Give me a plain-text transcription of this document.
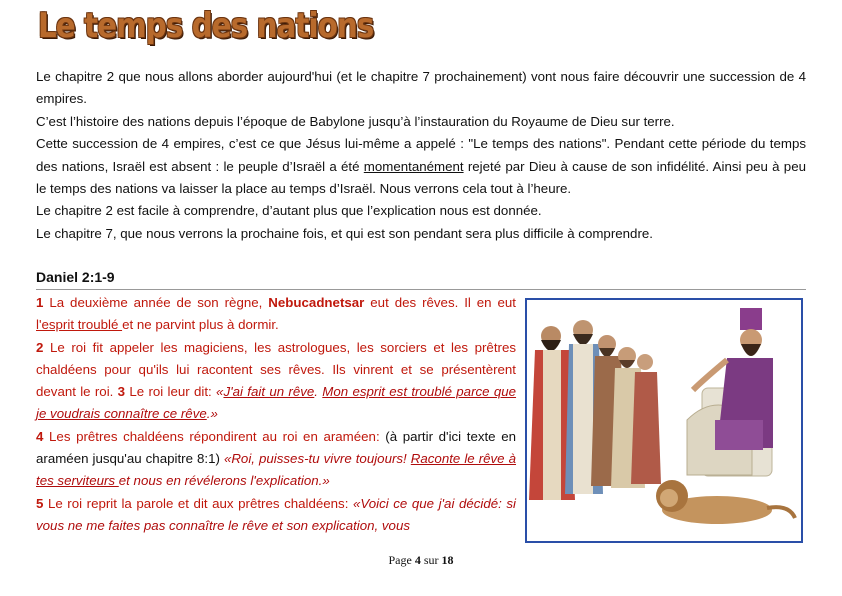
Le temps des nations

Le chapitre 2 que nous allons aborder aujourd'hui (et le chapitre 7 prochainement) vont nous faire découvrir une succession de 4 empires.

C’est l’histoire des nations depuis l’époque de Babylone jusqu’à l’instauration du Royaume de Dieu sur terre.

Cette succession de 4 empires, c’est ce que Jésus lui-même a appelé : "Le temps des nations". Pendant cette période du temps des nations, Israël est absent : le peuple d’Israël a été momentanément rejeté par Dieu à cause de son infidélité. Ainsi peu à peu le temps des nations va laisser la place au temps d’Israël. Nous verrons cela tout à l’heure.

Le chapitre 2 est facile à comprendre, d’autant plus que l’explication nous est donnée.

Le chapitre 7, que nous verrons la prochaine fois, et qui est son pendant sera plus difficile à comprendre.

Daniel 2:1-9

1 La deuxième année de son règne, Nebucadnetsar eut des rêves. Il en eut l'esprit troublé et ne parvint plus à dormir.
2 Le roi fit appeler les magiciens, les astrologues, les sorciers et les prêtres chaldéens pour qu'ils lui racontent ses rêves. Ils vinrent et se présentèrent devant le roi. 3 Le roi leur dit: «J'ai fait un rêve. Mon esprit est troublé parce que je voudrais connaître ce rêve.»

4 Les prêtres chaldéens répondirent au roi en araméen: (à partir d'ici texte en araméen jusqu'au chapitre 8:1) «Roi, puisses-tu vivre toujours! Raconte le rêve à tes serviteurs et nous en révélerons l'explication.»

5 Le roi reprit la parole et dit aux prêtres chaldéens: «Voici ce que j'ai décidé: si vous ne me faites pas connaître le rêve et son explication, vous

Page 4 sur 18
